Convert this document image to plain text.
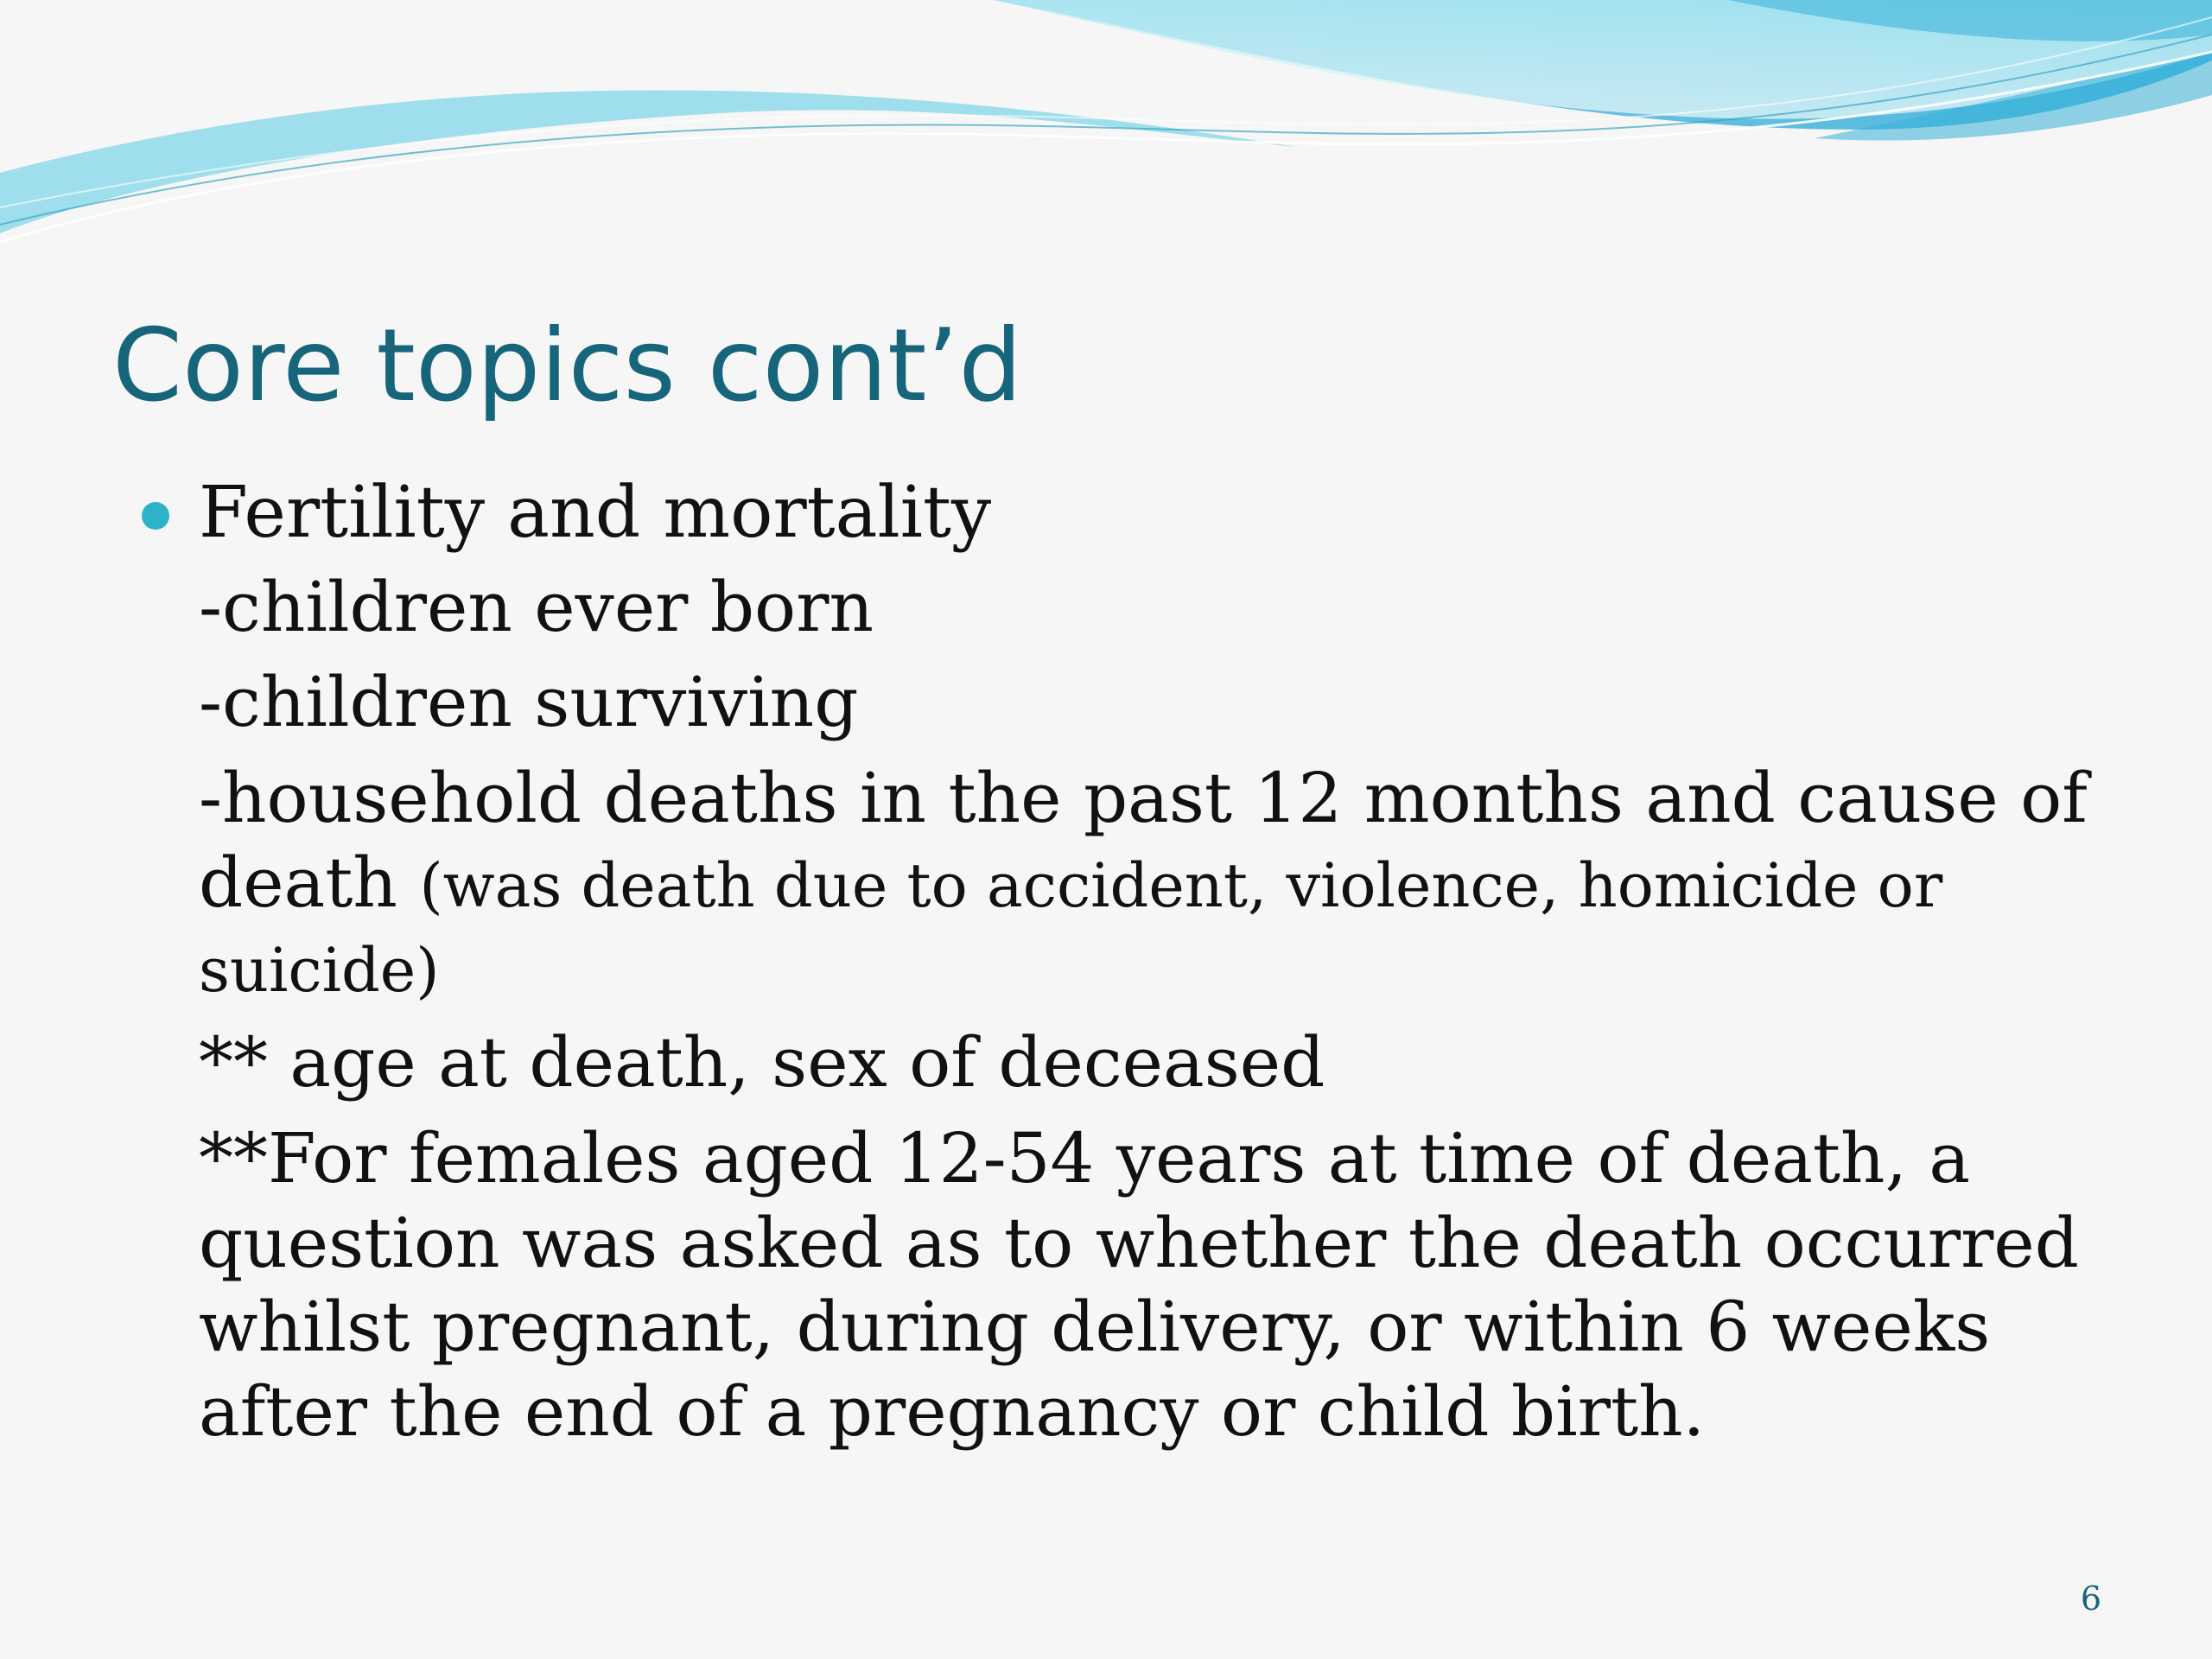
Core topics cont’d
Fertility and mortality
-children ever born
-children surviving
-household deaths in the past 12 months and cause of death (was death due to accident, violence, homicide or suicide)
** age at death, sex of deceased
**For females aged 12-54 years at time of death, a question was asked as to whether the death occurred whilst pregnant, during delivery, or within 6 weeks after the end of a pregnancy or child birth.
6
